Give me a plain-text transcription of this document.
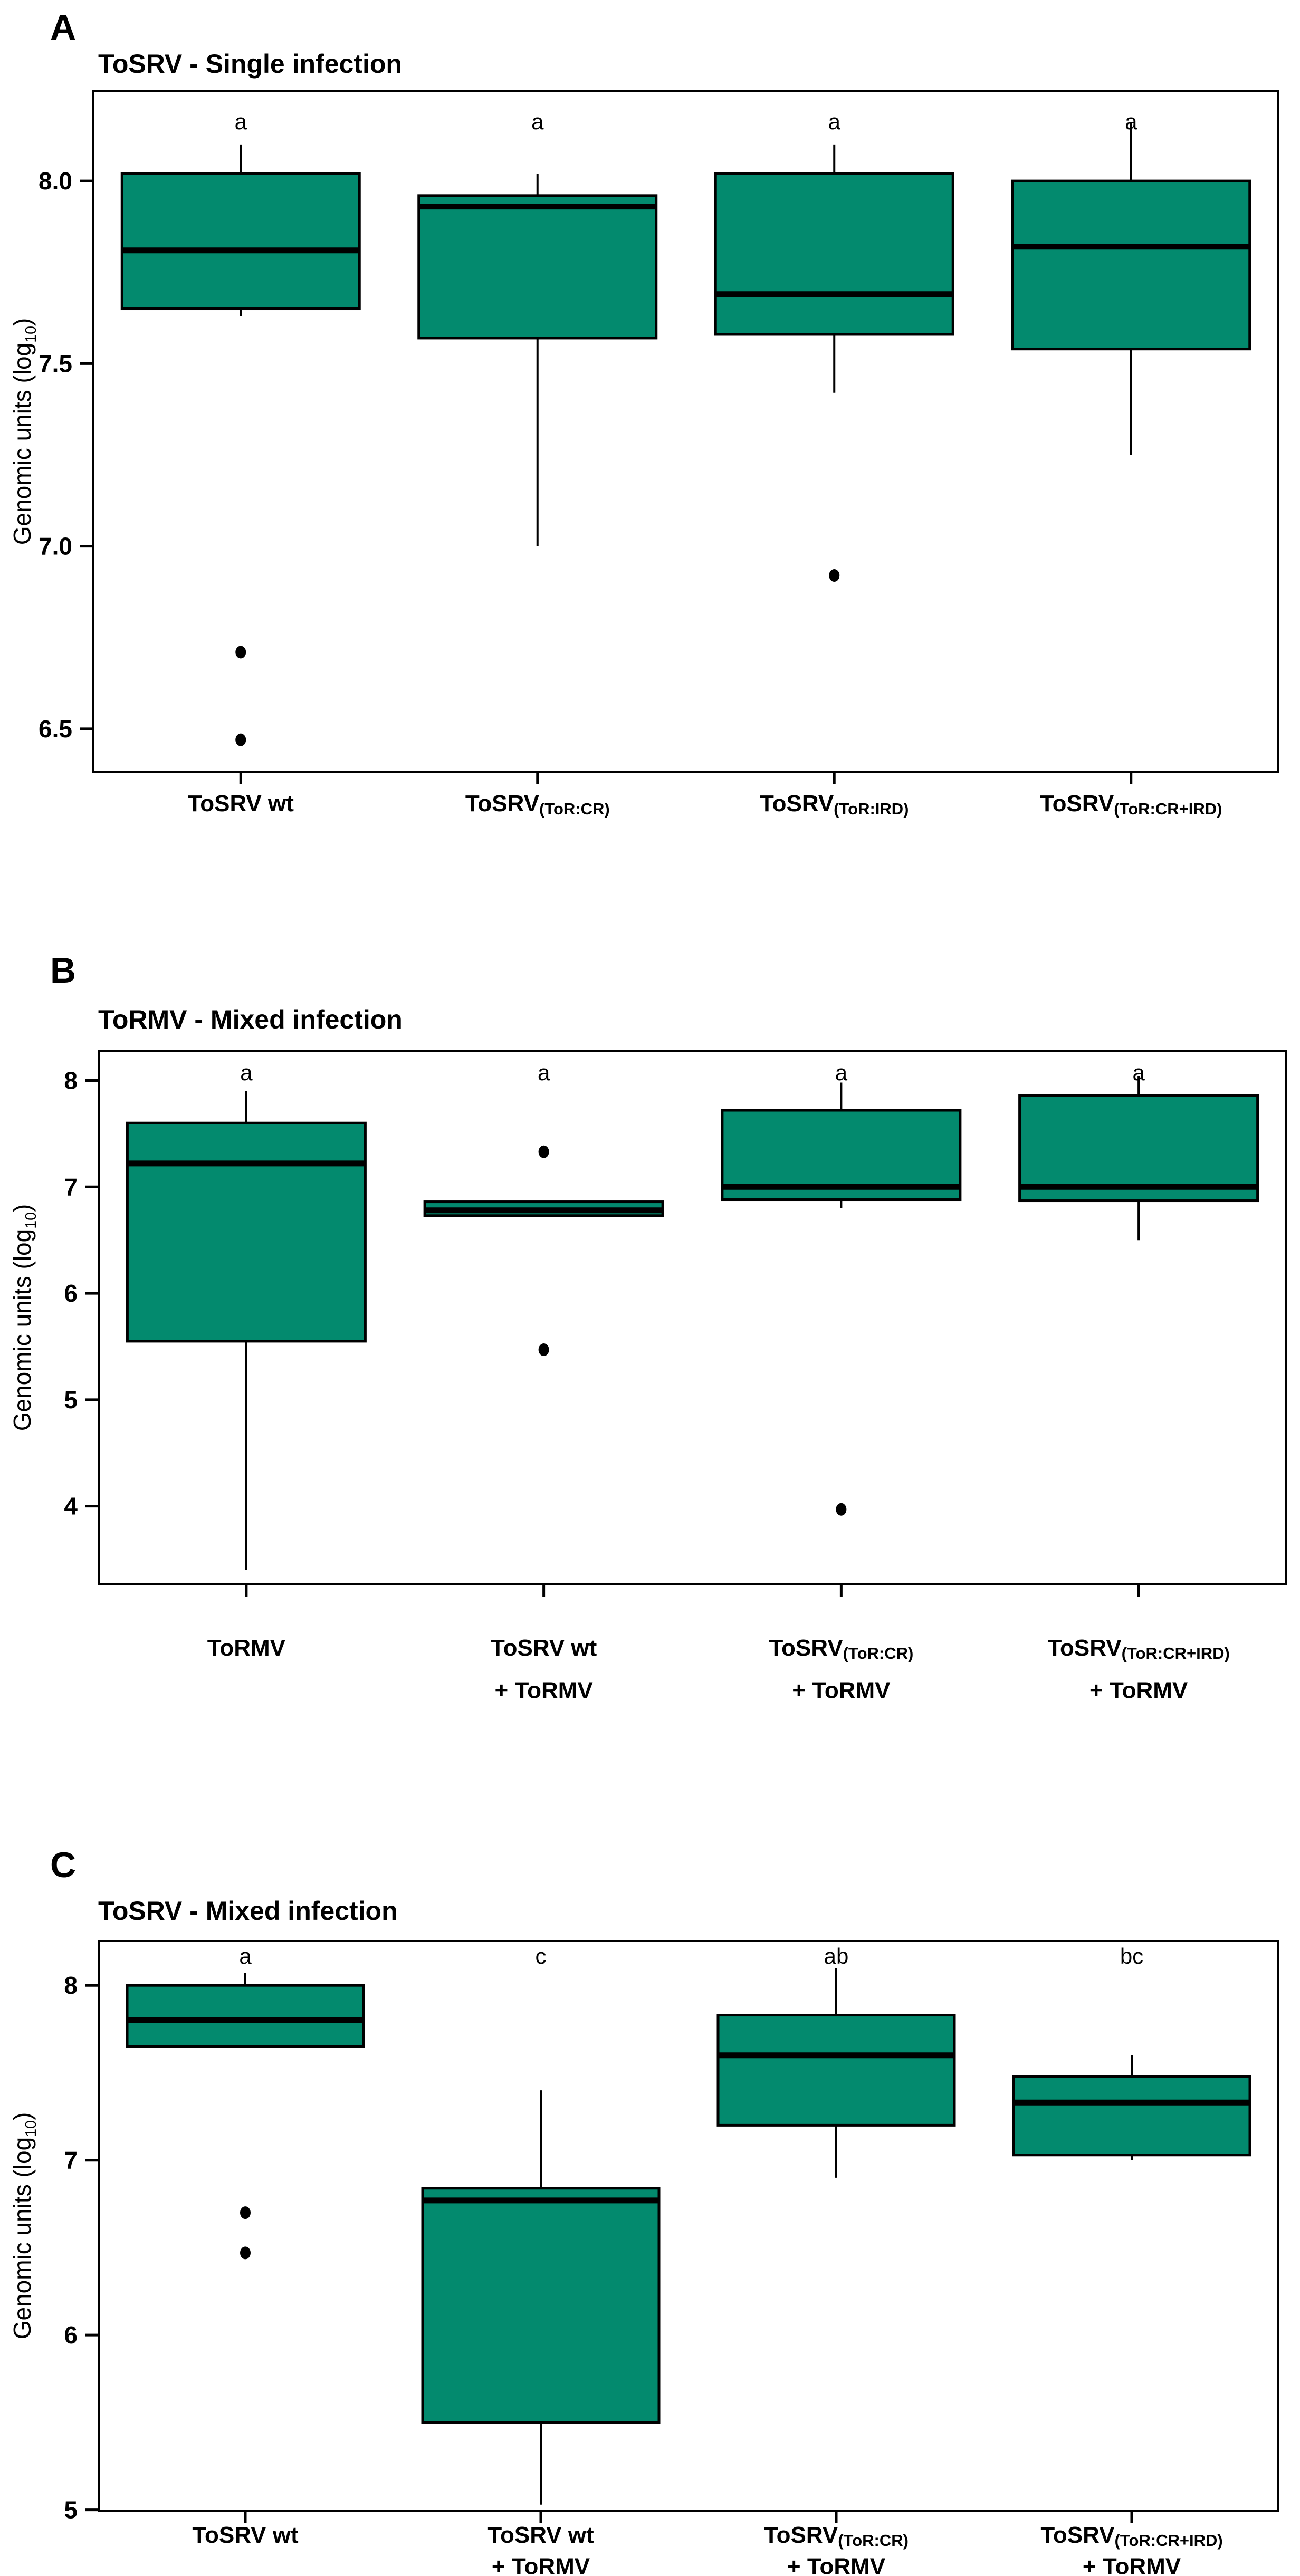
A
ToSRV - Single infection
Genomic units $(\log_{10})$
8.0
7.5
7.0
6.5
a
ToSRV wt
a
ToSRV$_{(ToR:CR)}$
a
ToSRV$_{(ToR:IRD)}$
a
ToSRV$_{(ToR:CR+IRD)}$
B
ToRMV - Mixed infection
Genomic units $(\log_{10})$
8
7
6
5
4
a
ToRMV
a
ToSRV wt
+ ToRMV
a
ToSRV$_{(ToR:CR)}$
+ ToRMV
a
ToSRV$_{(ToR:CR+IRD)}$
+ ToRMV
C
ToSRV - Mixed infection
Genomic units $(\log_{10})$
8
7
6
5
a
ToSRV wt
c
ToSRV wt
+ ToRMV
ab
ToSRV$_{(ToR:CR)}$
+ ToRMV
bc
ToSRV$_{(ToR:CR+IRD)}$
+ ToRMV
